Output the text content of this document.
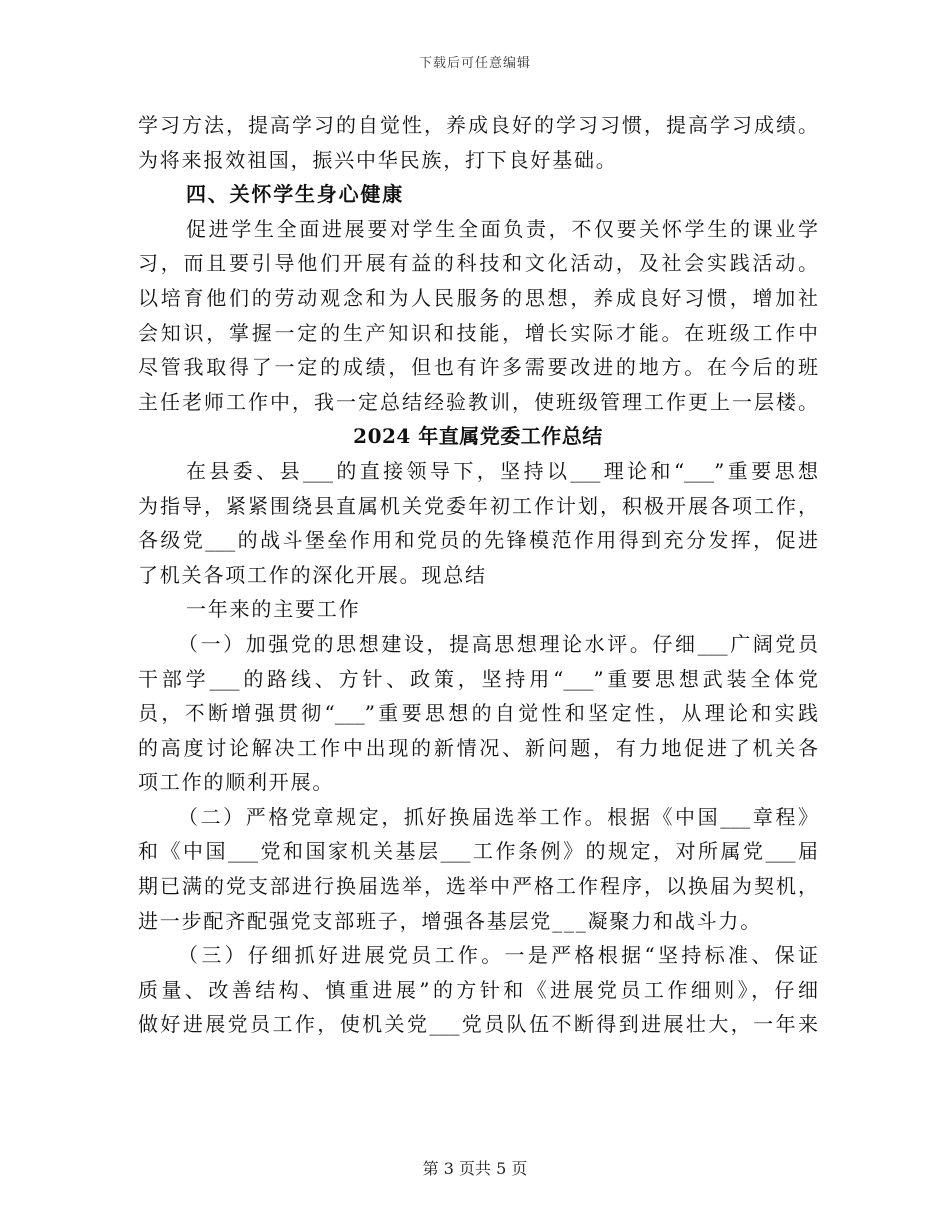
下载后可任意编辑
学习方法，提高学习的自觉性，养成良好的学习习惯，提高学习成绩。
为将来报效祖国，振兴中华民族，打下良好基础。
四、关怀学生身心健康
促进学生全面进展要对学生全面负责，不仅要关怀学生的课业学
习，而且要引导他们开展有益的科技和文化活动，及社会实践活动。
以培育他们的劳动观念和为人民服务的思想，养成良好习惯，增加社
会知识，掌握一定的生产知识和技能，增长实际才能。在班级工作中
尽管我取得了一定的成绩，但也有许多需要改进的地方。在今后的班
主任老师工作中，我一定总结经验教训，使班级管理工作更上一层楼。
2024 年直属党委工作总结
在县委、县___的直接领导下，坚持以___理论和“___”重要思想
为指导，紧紧围绕县直属机关党委年初工作计划，积极开展各项工作，
各级党___的战斗堡垒作用和党员的先锋模范作用得到充分发挥，促进
了机关各项工作的深化开展。现总结
一年来的主要工作
（一）加强党的思想建设，提高思想理论水评。仔细___广阔党员
干部学___的路线、方针、政策，坚持用“___”重要思想武装全体党
员，不断增强贯彻“___”重要思想的自觉性和坚定性，从理论和实践
的高度讨论解决工作中出现的新情况、新问题，有力地促进了机关各
项工作的顺利开展。
（二）严格党章规定，抓好换届选举工作。根据《中国___章程》
和《中国___党和国家机关基层___工作条例》的规定，对所属党___届
期已满的党支部进行换届选举，选举中严格工作程序，以换届为契机，
进一步配齐配强党支部班子，增强各基层党___凝聚力和战斗力。
（三）仔细抓好进展党员工作。一是严格根据“坚持标准、保证
质量、改善结构、慎重进展”的方针和《进展党员工作细则》，仔细
做好进展党员工作，使机关党___党员队伍不断得到进展壮大，一年来
第 3 页共 5 页
